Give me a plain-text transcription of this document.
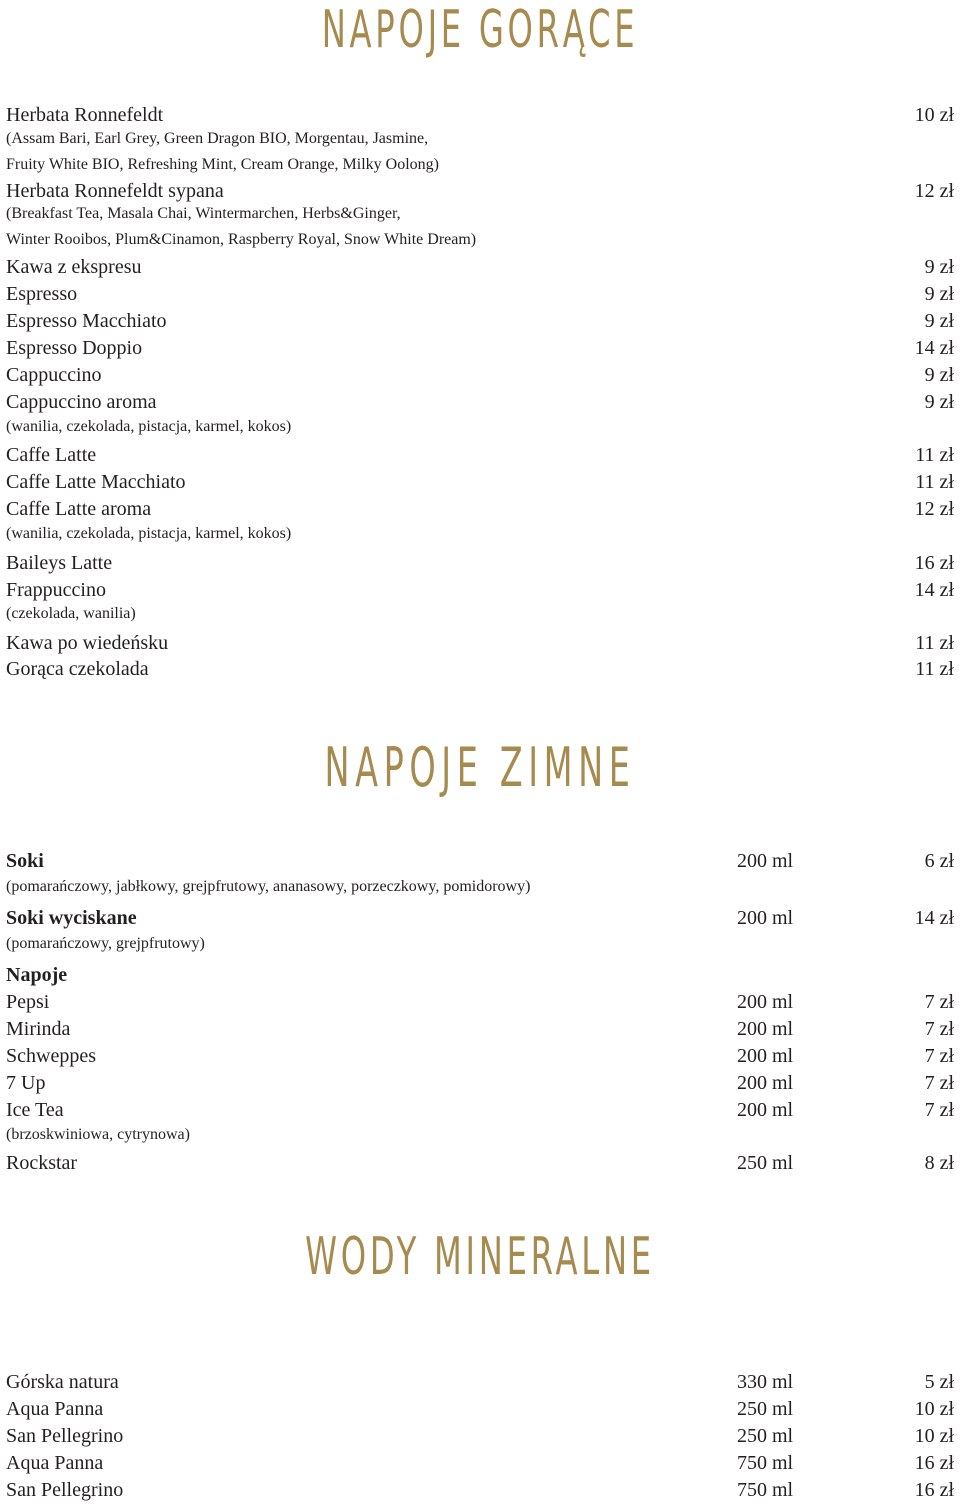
NAPOJE GORĄCE
Herbata Ronnefeldt	10 zł
(Assam Bari, Earl Grey, Green Dragon BIO, Morgentau, Jasmine,
Fruity White BIO, Refreshing Mint, Cream Orange, Milky Oolong)
Herbata Ronnefeldt sypana	12 zł
(Breakfast Tea, Masala Chai, Wintermarchen, Herbs&Ginger,
Winter Rooibos, Plum&Cinamon, Raspberry Royal, Snow White Dream)
Kawa z ekspresu	9 zł
Espresso	9 zł
Espresso Macchiato	9 zł
Espresso Doppio	14 zł
Cappuccino	9 zł
Cappuccino aroma	9 zł
(wanilia, czekolada, pistacja, karmel, kokos)
Caffe Latte	11 zł
Caffe Latte Macchiato	11 zł
Caffe Latte aroma	12 zł
(wanilia, czekolada, pistacja, karmel, kokos)
Baileys Latte	16 zł
Frappuccino	14 zł
(czekolada, wanilia)
Kawa po wiedeńsku	11 zł
Gorąca czekolada	11 zł
NAPOJE ZIMNE
Soki	200 ml	6 zł
(pomarańczowy, jabłkowy, grejpfrutowy, ananasowy, porzeczkowy, pomidorowy)
Soki wyciskane	200 ml	14 zł
(pomarańczowy, grejpfrutowy)
Napoje
Pepsi	200 ml	7 zł
Mirinda	200 ml	7 zł
Schweppes	200 ml	7 zł
7 Up	200 ml	7 zł
Ice Tea	200 ml	7 zł
(brzoskwiniowa, cytrynowa)
Rockstar	250 ml	8 zł
WODY MINERALNE
Górska natura	330 ml	5 zł
Aqua Panna	250 ml	10 zł
San Pellegrino	250 ml	10 zł
Aqua Panna	750 ml	16 zł
San Pellegrino	750 ml	16 zł
